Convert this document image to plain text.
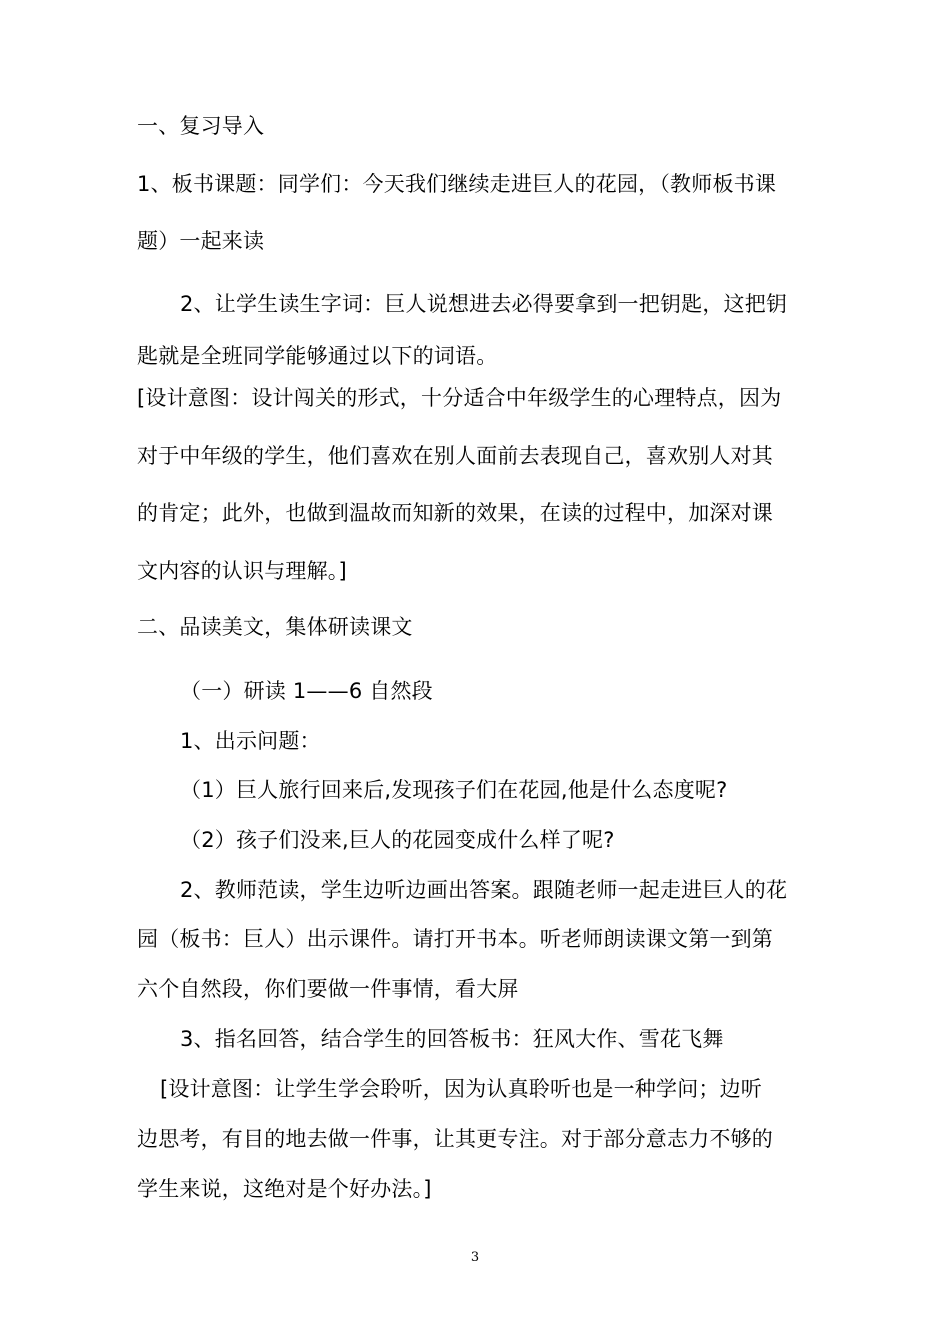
一、复习导入
1、板书课题：同学们：今天我们继续走进巨人的花园，（教师板书课
题）一起来读
2、让学生读生字词：巨人说想进去必得要拿到一把钥匙，这把钥
匙就是全班同学能够通过以下的词语。
[设计意图：设计闯关的形式，十分适合中年级学生的心理特点，因为
对于中年级的学生，他们喜欢在别人面前去表现自己，喜欢别人对其
的肯定；此外，也做到温故而知新的效果，在读的过程中，加深对课
文内容的认识与理解。]
二、品读美文，集体研读课文
（一）研读 1——6 自然段
1、出示问题：
（1）巨人旅行回来后,发现孩子们在花园,他是什么态度呢?
（2）孩子们没来,巨人的花园变成什么样了呢?
2、教师范读，学生边听边画出答案。跟随老师一起走进巨人的花
园（板书：巨人）出示课件。请打开书本。听老师朗读课文第一到第
六个自然段，你们要做一件事情，看大屏
3、指名回答，结合学生的回答板书：狂风大作、雪花飞舞
[设计意图：让学生学会聆听，因为认真聆听也是一种学问；边听
边思考，有目的地去做一件事，让其更专注。对于部分意志力不够的
学生来说，这绝对是个好办法。]
3
